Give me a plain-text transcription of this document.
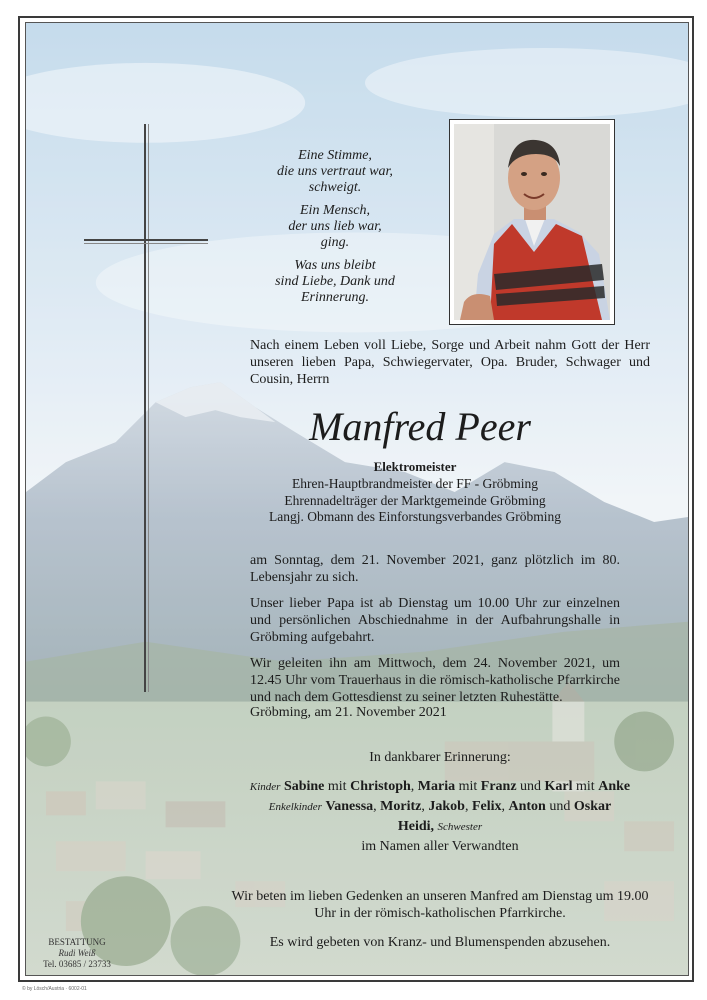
Eine Stimme,
die uns vertraut war,
schweigt.

Ein Mensch,
der uns lieb war,
ging.

Was uns bleibt
sind Liebe, Dank und
Erinnerung.

Nach einem Leben voll Liebe, Sorge und Arbeit nahm Gott der Herr unseren lieben Papa, Schwiegervater, Opa. Bruder, Schwager und Cousin, Herrn
Manfred Peer
Elektromeister
Ehren-Hauptbrandmeister der FF - Gröbming
Ehrennadelträger der Marktgemeinde Gröbming
Langj. Obmann des Einforstungsverbandes Gröbming

am Sonntag, dem 21. November 2021, ganz plötzlich im 80. Lebensjahr zu sich.

Unser lieber Papa ist ab Dienstag um 10.00 Uhr zur einzelnen und persönlichen Abschiednahme in der Aufbahrungshalle in Gröbming aufgebahrt.

Wir geleiten ihn am Mittwoch, dem 24. November 2021, um 12.45 Uhr vom Trauerhaus in die römisch-katholische Pfarrkirche und nach dem Gottesdienst zu seiner letzten Ruhestätte.

Gröbming, am 21. November 2021
In dankbarer Erinnerung:
Kinder Sabine mit Christoph, Maria mit Franz und Karl mit Anke
Enkelkinder Vanessa, Moritz, Jakob, Felix, Anton und Oskar
Heidi, Schwester
im Namen aller Verwandten

Wir beten im lieben Gedenken an unseren Manfred am Dienstag um 19.00 Uhr in der römisch-katholischen Pfarrkirche.

Es wird gebeten von Kranz- und Blumenspenden abzusehen.

BESTATTUNG
Rudi Weiß
Tel. 03685 / 23733
© by Lösch/Austria · 6002-01
